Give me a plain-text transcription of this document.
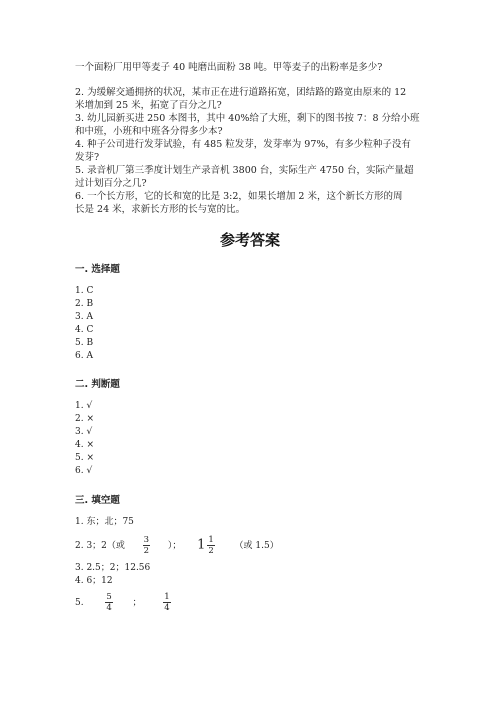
一个面粉厂用甲等麦子 40 吨磨出面粉 38 吨。甲等麦子的出粉率是多少?
2. 为缓解交通拥挤的状况，某市正在进行道路拓宽，团结路的路宽由原来的 12
米增加到 25 米，拓宽了百分之几?
3. 幼儿园新买进 250 本图书，其中 40%给了大班，剩下的图书按 7：8 分给小班
和中班，小班和中班各分得多少本?
4. 种子公司进行发芽试验，有 485 粒发芽，发芽率为 97%，有多少粒种子没有
发芽?
5. 录音机厂第三季度计划生产录音机 3800 台，实际生产 4750 台，实际产量超
过计划百分之几?
6. 一个长方形，它的长和宽的比是 3:2，如果长增加 2 米，这个新长方形的周
长是 24 米，求新长方形的长与宽的比。
参考答案
一. 选择题
1. C
2. B
3. A
4. C
5. B
6. A
二. 判断题
1. √
2. ×
3. √
4. ×
5. ×
6. √
三. 填空题
1. 东；北；75
2. 3；2（或 $\frac{3}{2}$ ）； $1 \frac{1}{2}$ （或 1.5）
3. 2.5；2；12.56
4. 6；12
5.	$\frac{5}{4}$ ；	$\frac{1}{4}$
